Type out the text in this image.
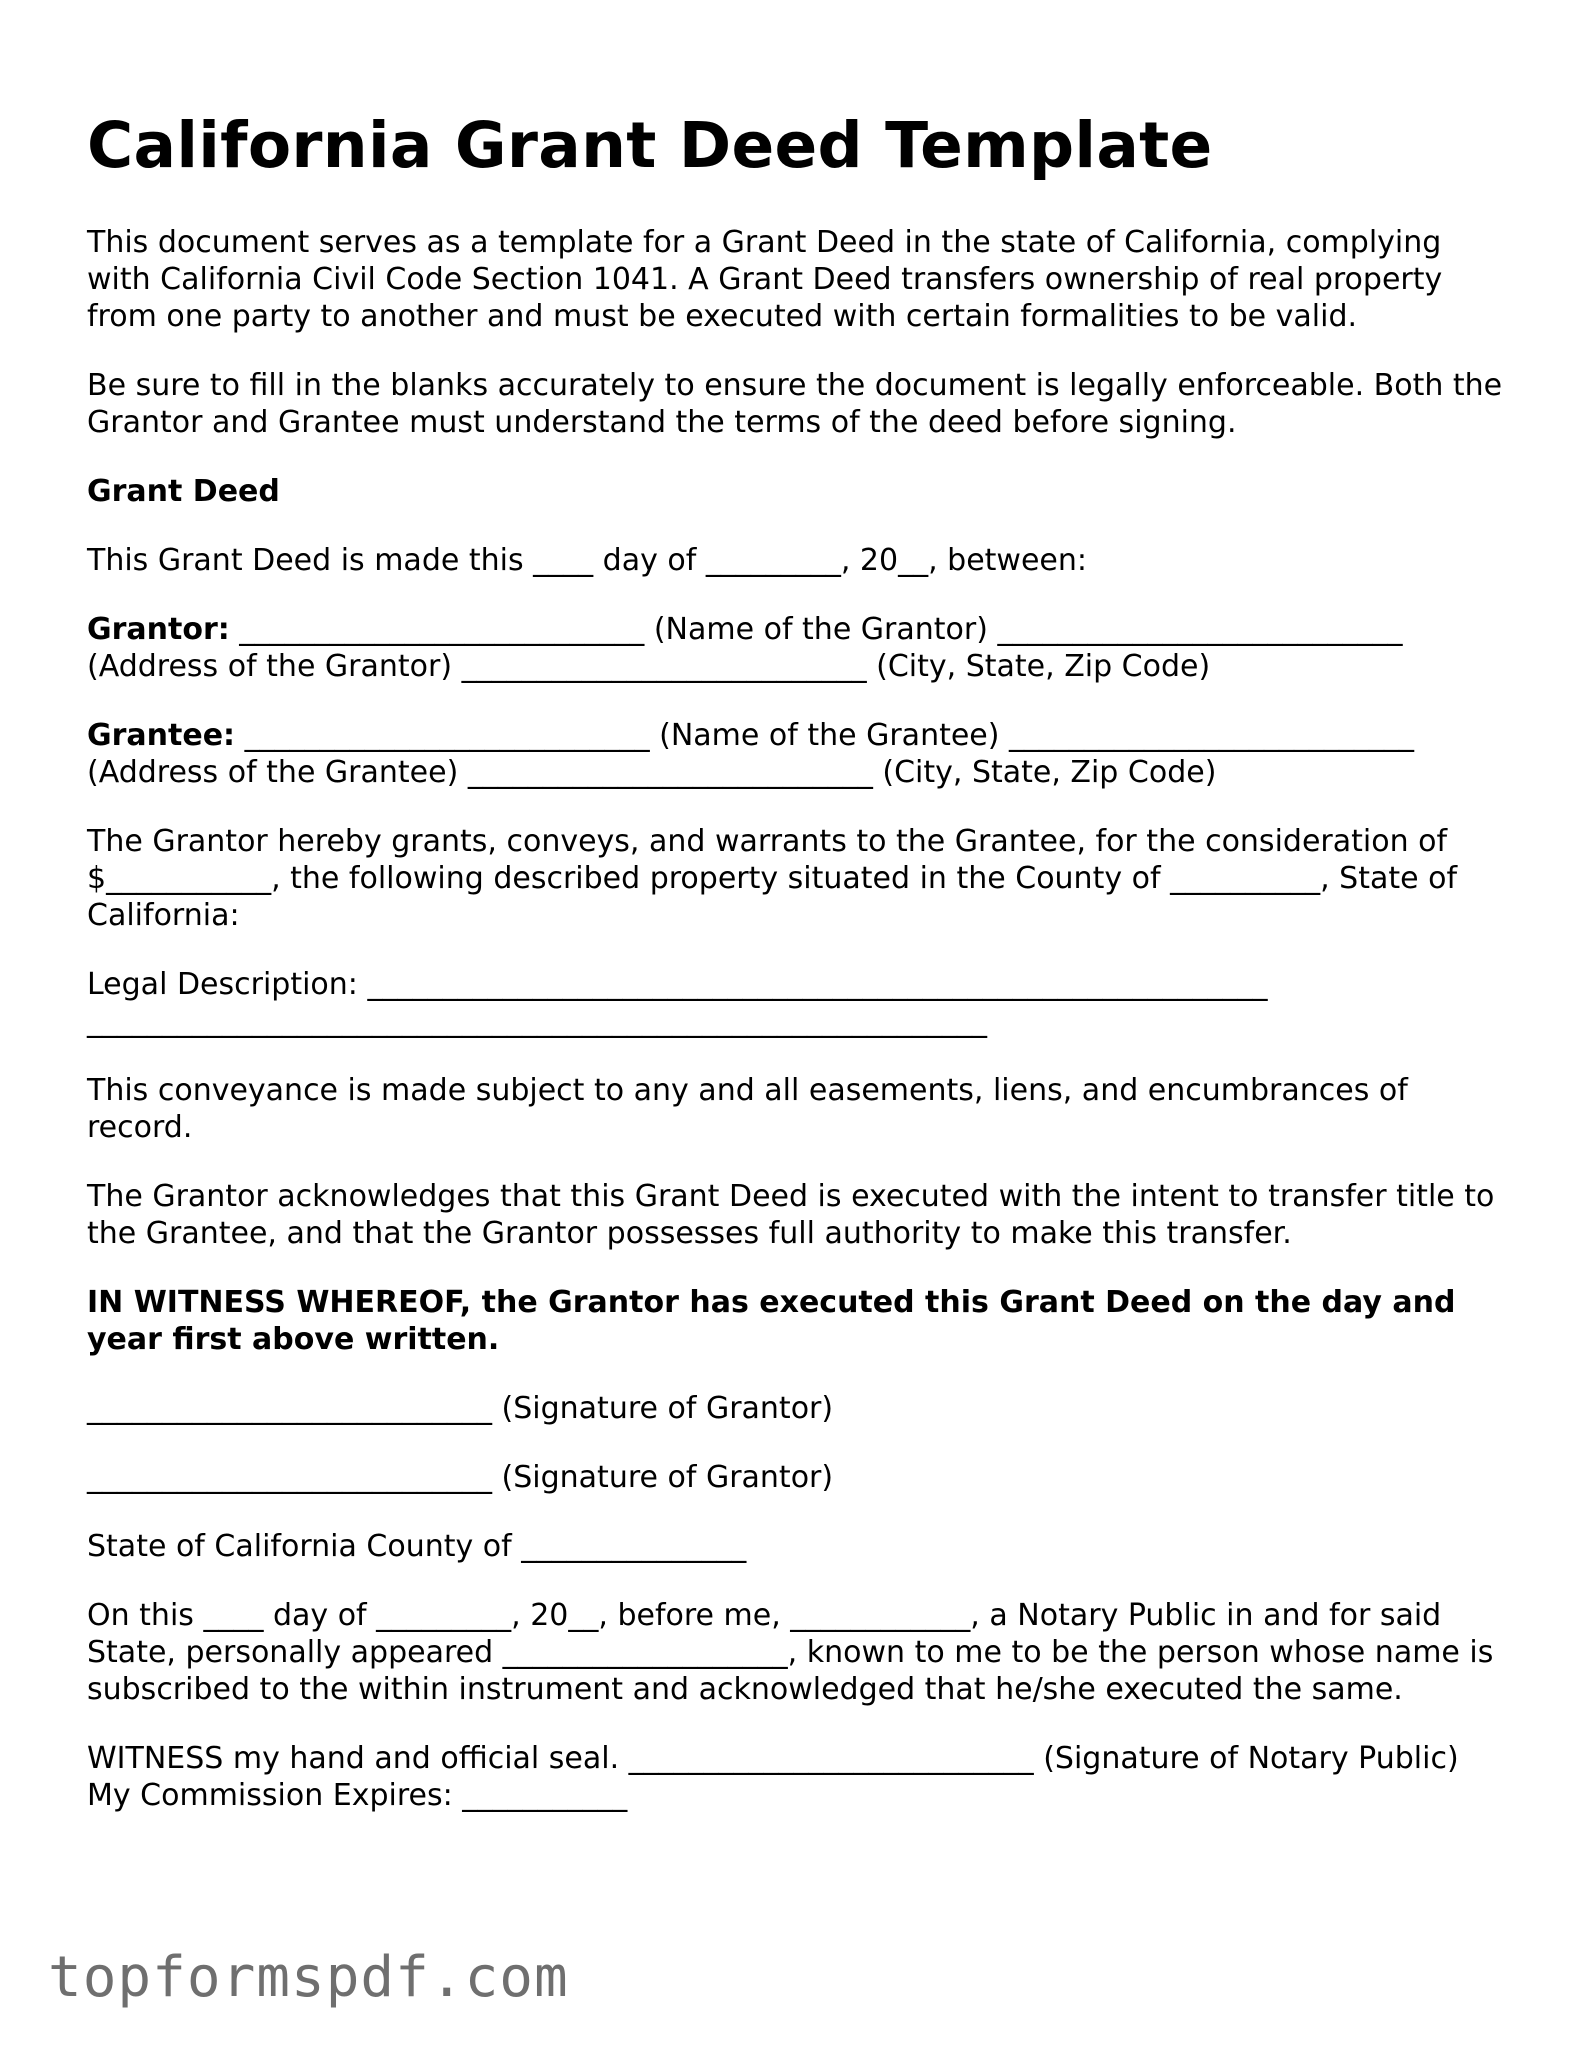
California Grant Deed Template

This document serves as a template for a Grant Deed in the state of California, complying with California Civil Code Section 1041. A Grant Deed transfers ownership of real property from one party to another and must be executed with certain formalities to be valid.

Be sure to fill in the blanks accurately to ensure the document is legally enforceable. Both the Grantor and Grantee must understand the terms of the deed before signing.

Grant Deed

This Grant Deed is made this ____ day of _________, 20__, between:

Grantor: ___________________________ (Name of the Grantor) ___________________________ (Address of the Grantor) ___________________________ (City, State, Zip Code)

Grantee: ___________________________ (Name of the Grantee) ___________________________ (Address of the Grantee) ___________________________ (City, State, Zip Code)

The Grantor hereby grants, conveys, and warrants to the Grantee, for the consideration of $___________, the following described property situated in the County of __________, State of California:

Legal Description: ____________________________________________________________ ____________________________________________________________

This conveyance is made subject to any and all easements, liens, and encumbrances of record.

The Grantor acknowledges that this Grant Deed is executed with the intent to transfer title to the Grantee, and that the Grantor possesses full authority to make this transfer.

IN WITNESS WHEREOF, the Grantor has executed this Grant Deed on the day and year first above written.

___________________________ (Signature of Grantor)

___________________________ (Signature of Grantor)

State of California County of _______________

On this ____ day of _________, 20__, before me, ____________, a Notary Public in and for said State, personally appeared ___________________, known to me to be the person whose name is subscribed to the within instrument and acknowledged that he/she executed the same.

WITNESS my hand and official seal. ___________________________ (Signature of Notary Public) My Commission Expires: ___________

topformspdf.com
